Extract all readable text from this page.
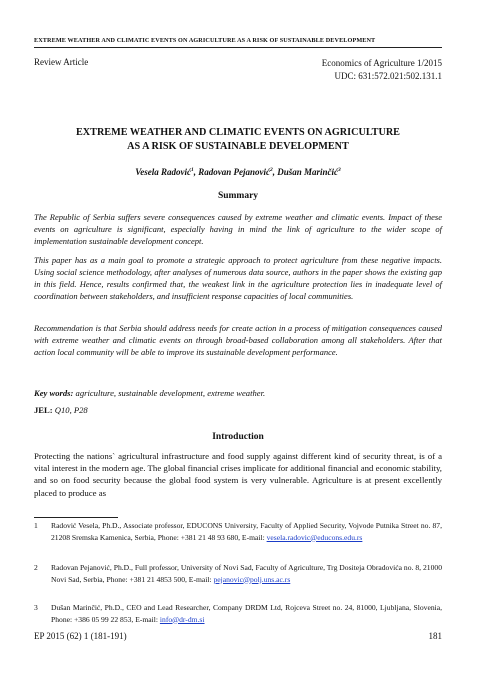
EXTREME WEATHER AND CLIMATIC EVENTS ON AGRICULTURE AS A RISK OF SUSTAINABLE DEVELOPMENT
Review Article	Economics of Agriculture 1/2015
UDC: 631:572.021:502.131.1
EXTREME WEATHER AND CLIMATIC EVENTS ON AGRICULTURE
AS A RISK OF SUSTAINABLE DEVELOPMENT
Vesela Radović$^1$, Radovan Pejanović$^2$, Dušan Marinčić$^3$
Summary
The Republic of Serbia suffers severe consequences caused by extreme weather and climatic events. Impact of these events on agriculture is significant, especially having in mind the link of agriculture to the wider scope of implementation sustainable development concept.
This paper has as a main goal to promote a strategic approach to protect agriculture from these negative impacts. Using social science methodology, after analyses of numerous data source, authors in the paper shows the existing gap in this field. Hence, results confirmed that, the weakest link in the agriculture protection lies in inadequate level of coordination between stakeholders, and insufficient response capacities of local communities.
Recommendation is that Serbia should address needs for create action in a process of mitigation consequences caused with extreme weather and climatic events on through broad-based collaboration among all stakeholders. After that action local community will be able to improve its sustainable development performance.
Key words: agriculture, sustainable development, extreme weather.
JEL: Q10, P28
Introduction
Protecting the nations` agricultural infrastructure and food supply against different kind of security threat, is of a vital interest in the modern age. The global financial crises implicate for additional financial and economic stability, and so on food security because the global food system is very vulnerable. Agriculture is at present excellently placed to produce as
1 Radović Vesela, Ph.D., Associate professor, EDUCONS University, Faculty of Applied Security, Vojvode Putnika Street no. 87, 21208 Sremska Kamenica, Serbia, Phone: +381 21 48 93 680, E-mail: vesela.radovic@educons.edu.rs
2 Radovan Pejanović, Ph.D., Full professor, University of Novi Sad, Faculty of Agriculture, Trg Dositeja Obradovića no. 8, 21000 Novi Sad, Serbia, Phone: +381 21 4853 500, E-mail: pejanovic@polj.uns.ac.rs
3 Dušan Marinčić, Ph.D., CEO and Lead Researcher, Company DRDM Ltd, Rojceva Street no. 24, 81000, Ljubljana, Slovenia, Phone: +386 05 99 22 853, E-mail: info@dr-dm.si
EP 2015 (62) 1 (181-191)	181
